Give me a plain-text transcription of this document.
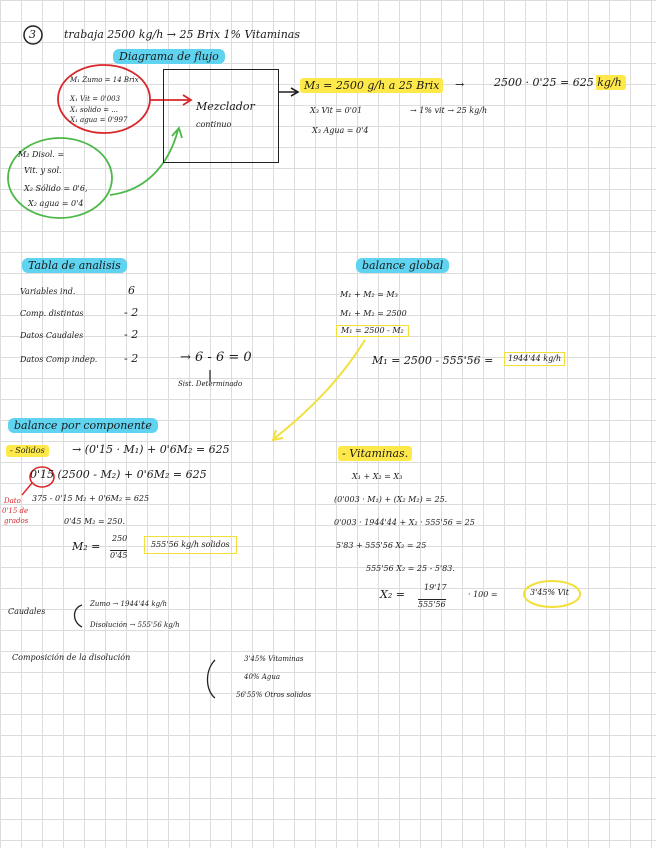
3	trabaja 2500 kg/h → 25 Brix 1% Vitaminas
Diagrama de flujo
Mezclador
continuo
M₁ Zumo = 14 Brix
X₁ Vit = 0'003
X₁ solido = ...
X₁ agua = 0'997
M₂ Disol. =
Vit. y sol.
X₂ Sólido = 0'6,
X₂ agua = 0'4
M₃ = 2500 g/h a 25 Brix	→	2500 · 0'25 = 625 kg/h
X₃ Vit = 0'01	→ 1% vit → 25 kg/h
X₃ Agua = 0'4
Tabla de analisis
Variables ind.	6
Comp. distintas	- 2
Datos Caudales	- 2
Datos Comp indep. - 2	→ 6 - 6 = 0
Sist. Determinado
balance global
M₁ + M₂ = M₃
M₁ + M₂ = 2500
M₁ = 2500 - M₂
M₁ = 2500 - 555'56 =	1944'44 kg/h
balance por componente
- Solidos	→ (0'15 · M₁) + 0'6M₂ = 625
0'15 (2500 - M₂) + 0'6M₂ = 625
375 - 0'15 M₂ + 0'6M₂ = 625
0'45 M₂ = 250.
M₂ =
250
0'45
555'56 kg/h solidos
Dato
0'15 de
grados
- Vitaminas.
X₁ + X₂ = X₃
(0'003 · M₁) + (X₂ M₂) = 25.
0'003 · 1944'44 + X₂ · 555'56 = 25
5'83 + 555'56 X₂ = 25
555'56 X₂ = 25 - 5'83.
X₂ =
19'17
555'56
· 100 =	3'45% Vit
Caudales
Zumo → 1944'44 kg/h
Disolución → 555'56 kg/h
Composición de la disolución	3'45% Vitaminas
40% Agua
56'55% Otros solidos
